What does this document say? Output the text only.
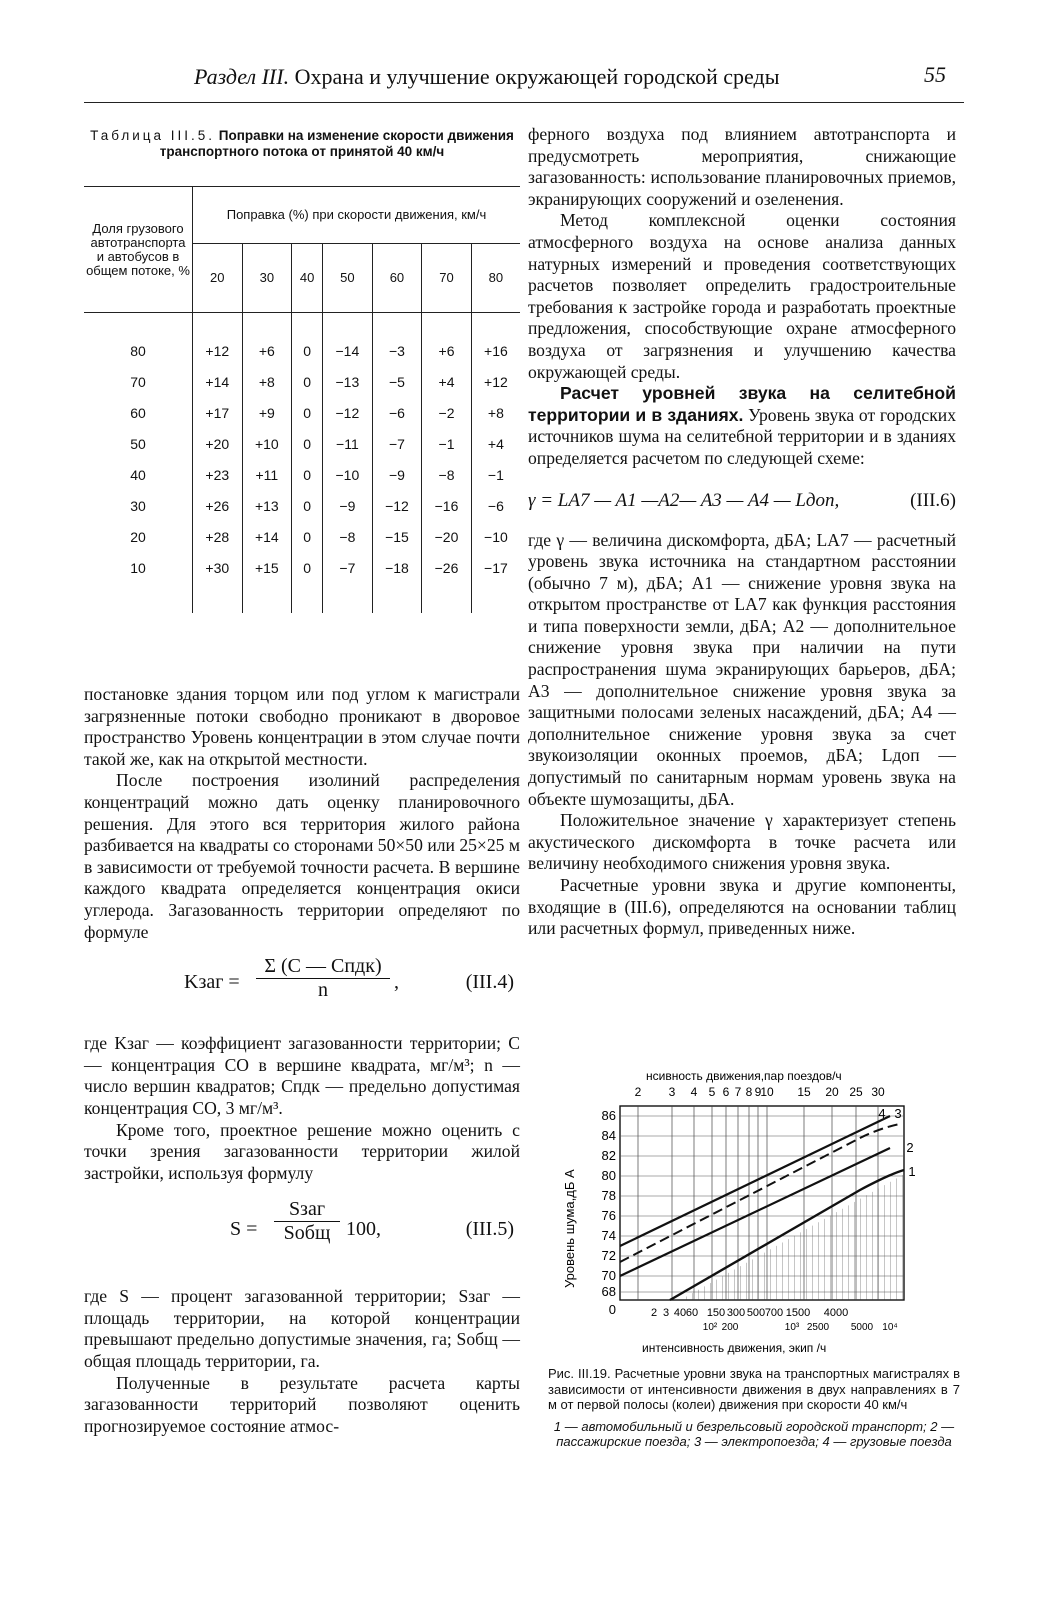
Раздел III. Охрана и улучшение окружающей городской среды	55
Таблица III.5. Поправки на изменение скорости движения транспортного потока от принятой 40 км/ч
Доля грузового автотранспорта и автобусов в общем потоке, %	Поправка (%) при скорости движения, км/ч						
	20	30	40	50	60	70	80

80	+12	+6	0	−14	−3	+6	+16
70	+14	+8	0	−13	−5	+4	+12
60	+17	+9	0	−12	−6	−2	+8
50	+20	+10	0	−11	−7	−1	+4
40	+23	+11	0	−10	−9	−8	−1
30	+26	+13	0	−9	−12	−16	−6
20	+28	+14	0	−8	−15	−20	−10
10	+30	+15	0	−7	−18	−26	−17

постановке здания торцом или под углом к магистрали загрязненные потоки свободно проникают в дворовое пространство Уровень концентрации в этом случае почти такой же, как на открытой местности.

После построения изолиний распределения концентраций можно дать оценку планировочного решения. Для этого вся территория жилого района разбивается на квадраты со сторонами 50×50 или 25×25 м в зависимости от требуемой точности расчета. В вершине каждого квадрата определяется концентрация окиси углерода. Загазованность территории определяют по формуле

Kзаг =
Σ (C — Cпдк)
n	,	(III.4)

где Kзаг — коэффициент загазованности территории; C — концентрация CO в вершине квадрата, мг/м³; n — число вершин квадратов; Cпдк — предельно допустимая концентрация CO, 3 мг/м³.

Кроме того, проектное решение можно оценить с точки зрения загазованности территории жилой застройки, используя формулу

S =
Sзаг
Sобщ 100,	(III.5)

где S — процент загазованной территории; Sзаг — площадь территории, на которой концентрации превышают предельно допустимые значения, га; Sобщ — общая площадь территории, га.

Полученные в результате расчета карты загазованности территорий позволяют оценить прогнозируемое состояние атмос-

ферного воздуха под влиянием автотранспорта и предусмотреть мероприятия, снижающие загазованность: использование планировочных приемов, экранирующих сооружений и озеленения.

Метод комплексной оценки состояния атмосферного воздуха на основе анализа данных натурных измерений и проведения соответствующих расчетов позволяет определить градостроительные требования к застройке города и разработать проектные предложения, способствующие охране атмосферного воздуха от загрязнения и улучшению качества окружающей среды.

Расчет уровней звука на селитебной территории и в зданиях. Уровень звука от городских источников шума на селитебной территории и в зданиях определяется расчетом по следующей схеме:

γ = LA7 — A1 —A2— A3 — A4 — Lдоп,	(III.6)

где γ — величина дискомфорта, дБА; LA7 — расчетный уровень звука источника на стандартном расстоянии (обычно 7 м), дБА; A1 — снижение уровня звука на открытом пространстве от LA7 как функция расстояния и типа поверхности земли, дБА; A2 — дополнительное снижение уровня звука при наличии на пути распространения шума экранирующих барьеров, дБА; A3 — дополнительное снижение уровня звука за защитными полосами зеленых насаждений, дБА; A4 — дополнительное снижение уровня звука за счет звукоизоляции оконных проемов, дБА; Lдоп — допустимый по санитарным нормам уровень звука на объекте шумозащиты, дБА.

Положительное значение γ характеризует степень акустического дискомфорта в точке расчета или величину необходимого снижения уровня звука.

Расчетные уровни звука и другие компоненты, входящие в (III.6), определяются на основании таблиц или расчетных формул, приведенных ниже.

нсивность движения,пар поездов/ч
2 3 4 5 6 7 8 9
10 15 20 25 30
1
2
3
4
Уровень шума,дБ А
86
84
82
80
78
76
74
72
70
68
0	2 3 40 60 150 300 500 700 1500 4000
10² 200	10³ 2500 5000 10⁴
интенсивность движения, экип /ч
Рис. III.19. Расчетные уровни звука на транспортных магистралях в зависимости от интенсивности движения в двух направлениях в 7 м от первой полосы (колеи) движения при скорости 40 км/ч
1 — автомобильный и безрельсовый городской транспорт; 2 — пассажирские поезда; 3 — электропоезда; 4 — грузовые поезда
